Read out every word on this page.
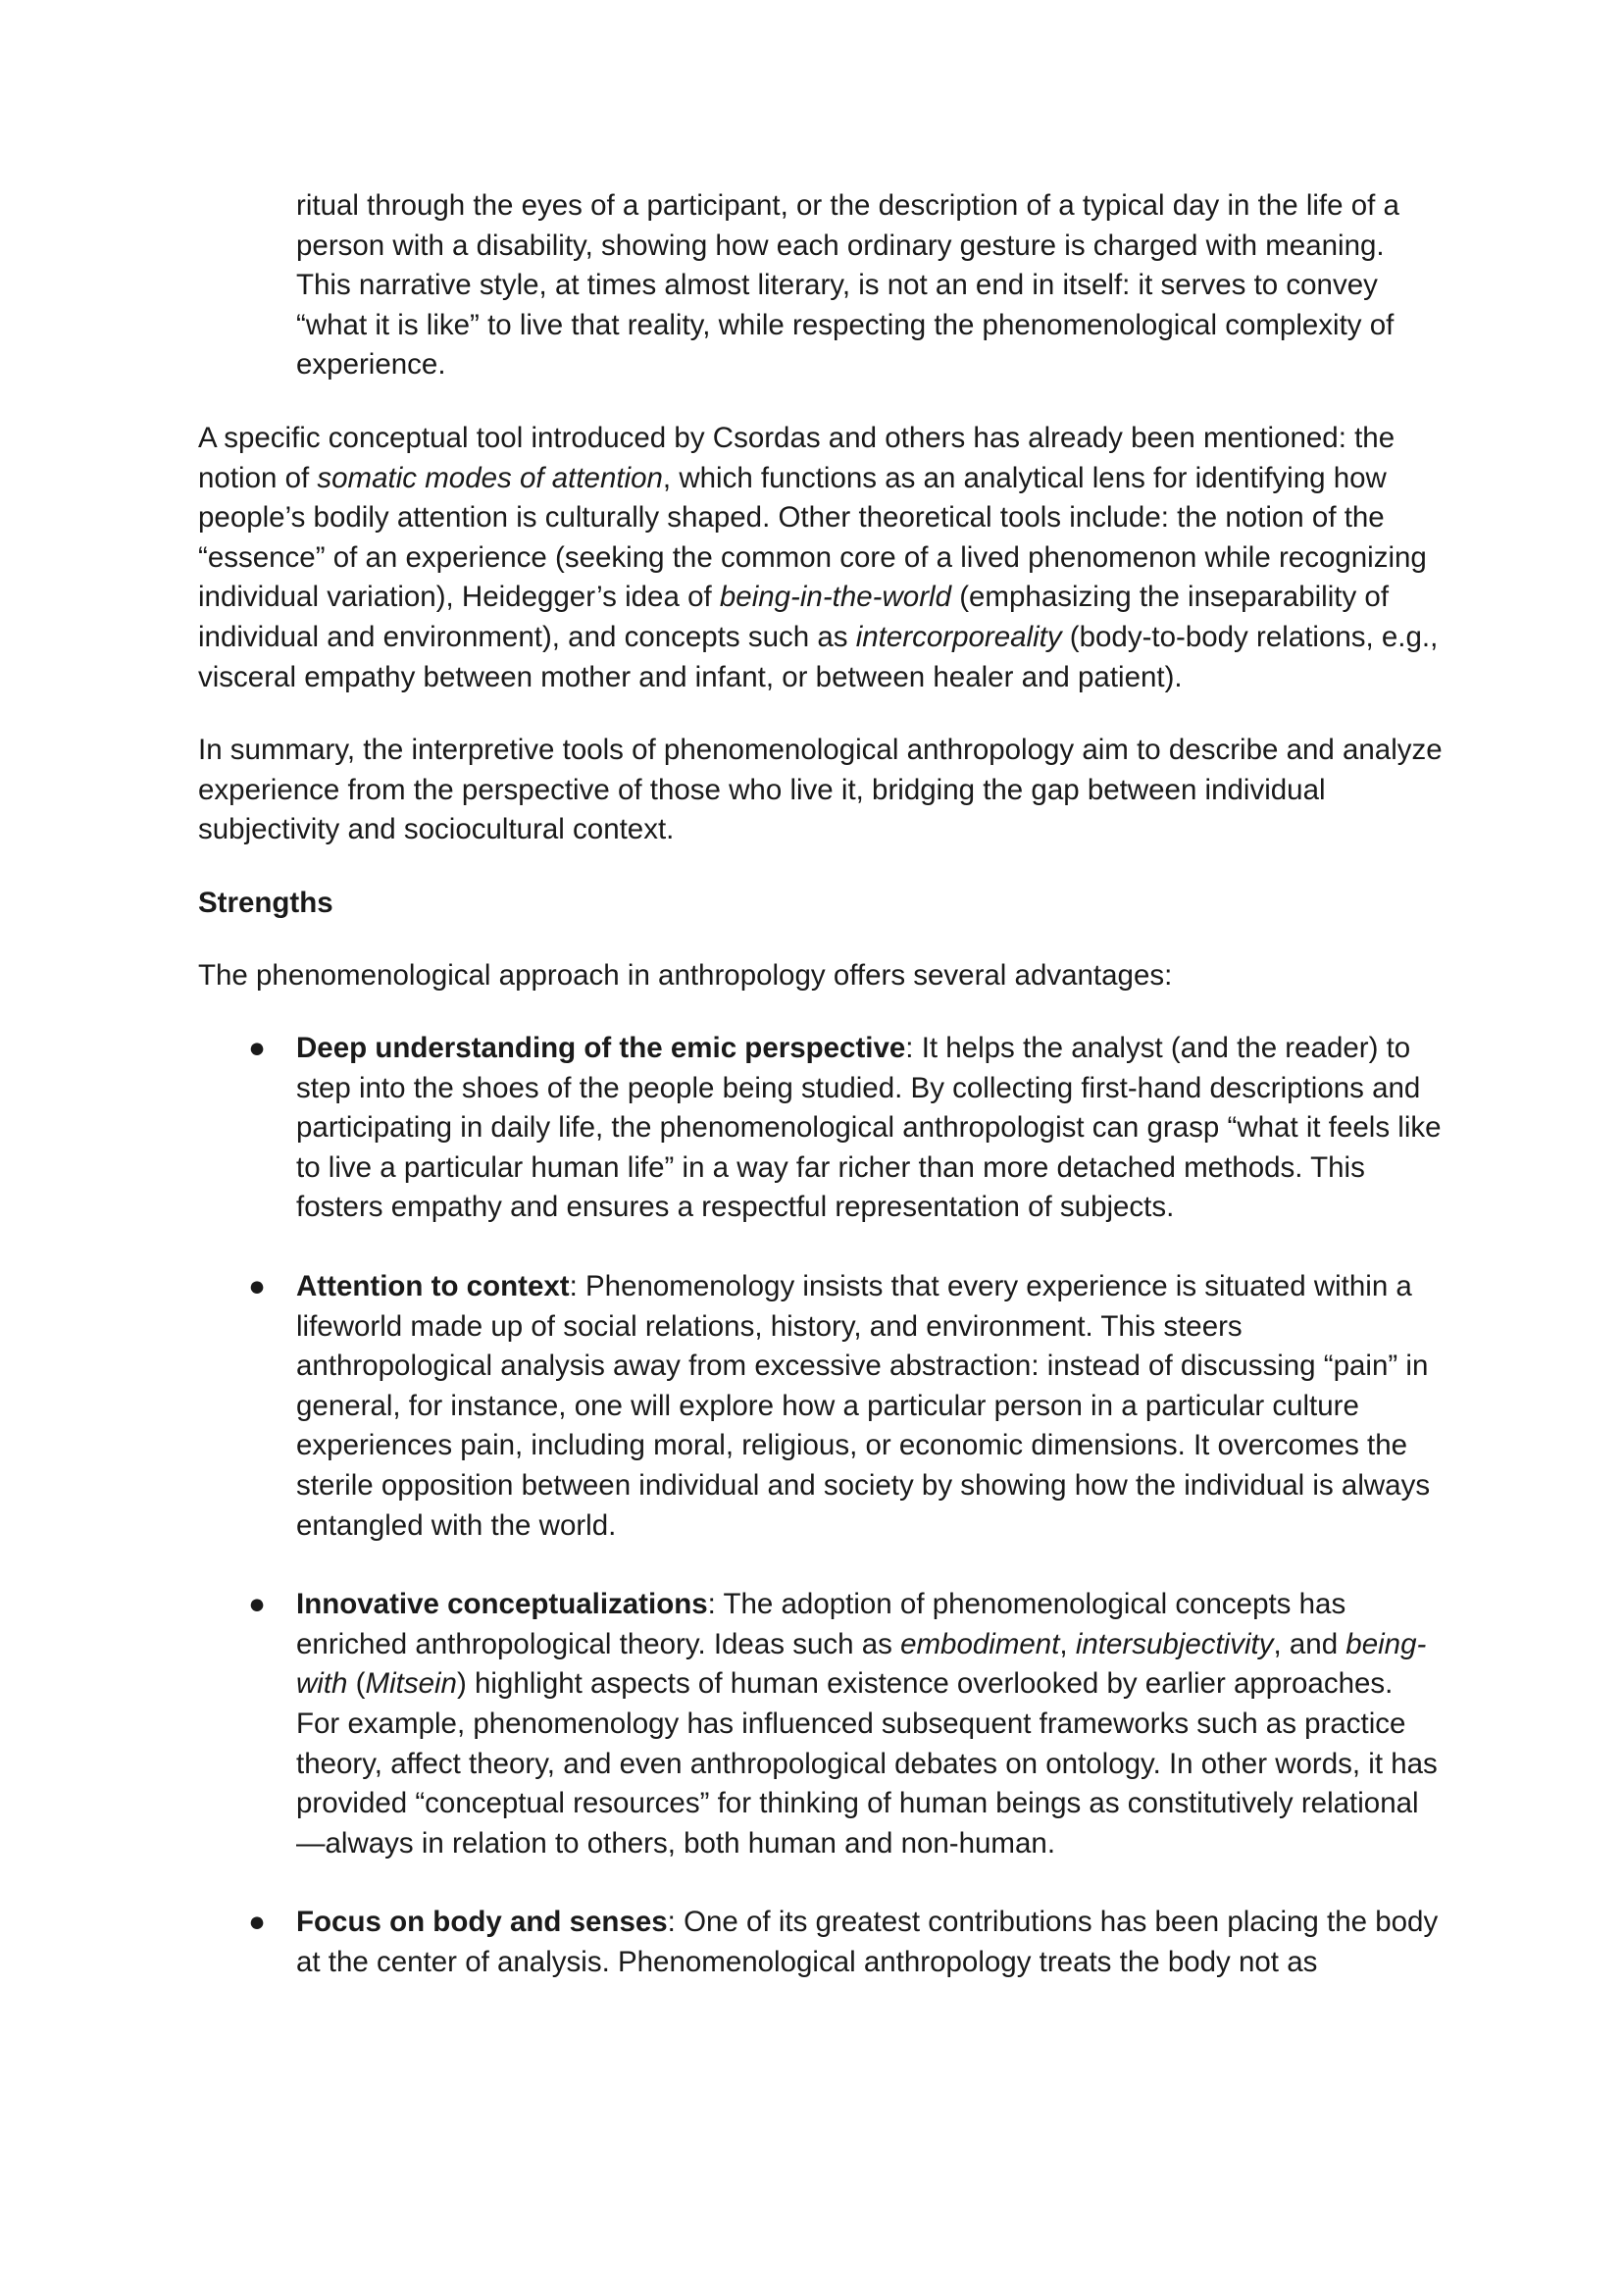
ritual through the eyes of a participant, or the description of a typical day in the life of a person with a disability, showing how each ordinary gesture is charged with meaning. This narrative style, at times almost literary, is not an end in itself: it serves to convey “what it is like” to live that reality, while respecting the phenomenological complexity of experience.

A specific conceptual tool introduced by Csordas and others has already been mentioned: the notion of somatic modes of attention, which functions as an analytical lens for identifying how people’s bodily attention is culturally shaped. Other theoretical tools include: the notion of the “essence” of an experience (seeking the common core of a lived phenomenon while recognizing individual variation), Heidegger’s idea of being-in-the-world (emphasizing the inseparability of individual and environment), and concepts such as intercorporeality (body-to-body relations, e.g., visceral empathy between mother and infant, or between healer and patient).

In summary, the interpretive tools of phenomenological anthropology aim to describe and analyze experience from the perspective of those who live it, bridging the gap between individual subjectivity and sociocultural context.

Strengths

The phenomenological approach in anthropology offers several advantages:

● Deep understanding of the emic perspective: It helps the analyst (and the reader) to step into the shoes of the people being studied. By collecting first-hand descriptions and participating in daily life, the phenomenological anthropologist can grasp “what it feels like to live a particular human life” in a way far richer than more detached methods. This fosters empathy and ensures a respectful representation of subjects.
● Attention to context: Phenomenology insists that every experience is situated within a lifeworld made up of social relations, history, and environment. This steers anthropological analysis away from excessive abstraction: instead of discussing “pain” in general, for instance, one will explore how a particular person in a particular culture experiences pain, including moral, religious, or economic dimensions. It overcomes the sterile opposition between individual and society by showing how the individual is always entangled with the world.
● Innovative conceptualizations: The adoption of phenomenological concepts has enriched anthropological theory. Ideas such as embodiment, intersubjectivity, and being-with (Mitsein) highlight aspects of human existence overlooked by earlier approaches. For example, phenomenology has influenced subsequent frameworks such as practice theory, affect theory, and even anthropological debates on ontology. In other words, it has provided “conceptual resources” for thinking of human beings as constitutively relational—always in relation to others, both human and non-human.
● Focus on body and senses: One of its greatest contributions has been placing the body at the center of analysis. Phenomenological anthropology treats the body not as
